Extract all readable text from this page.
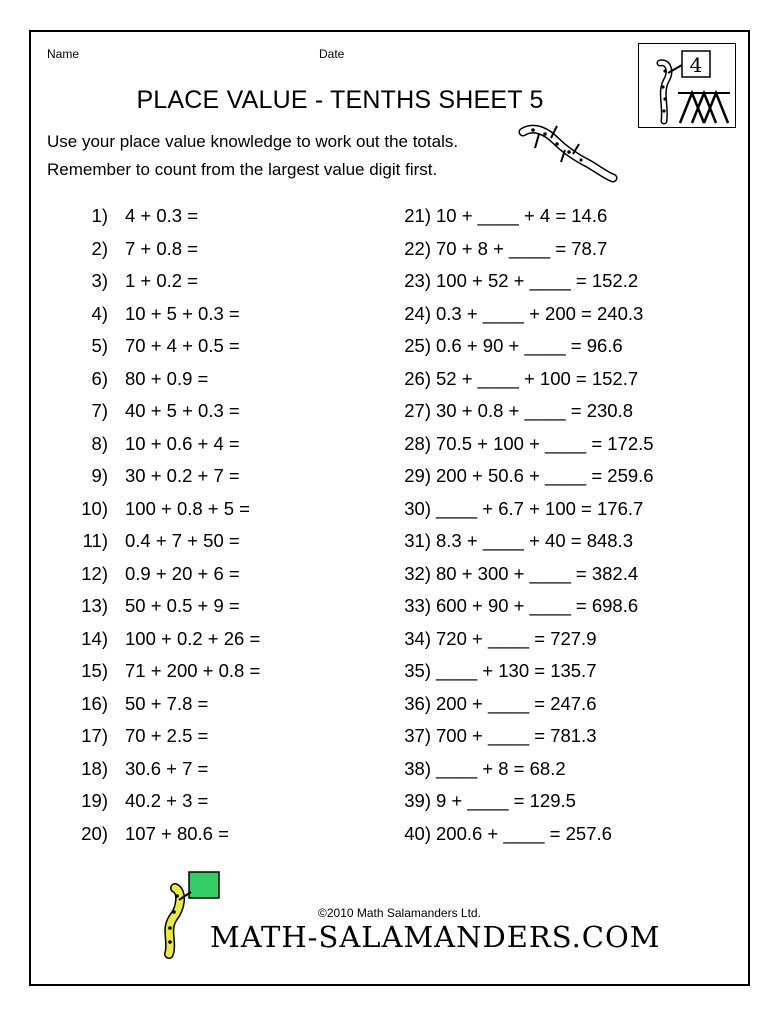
Name	Date
PLACE VALUE - TENTHS SHEET 5
Use your place value knowledge to work out the totals.
Remember to count from the largest value digit first.
4
1) 4 + 0.3 =
2) 7 + 0.8 =
3) 1 + 0.2 =
4) 10 + 5 + 0.3 =
5) 70 + 4 + 0.5 =
6) 80 + 0.9 =
7) 40 + 5 + 0.3 =
8) 10 + 0.6 + 4 =
9) 30 + 0.2 + 7 =
10) 100 + 0.8 + 5 =
11) 0.4 + 7 + 50 =
12) 0.9 + 20 + 6 =
13) 50 + 0.5 + 9 =
14) 100 + 0.2 + 26 =
15) 71 + 200 + 0.8 =
16) 50 + 7.8 =
17) 70 + 2.5 =
18) 30.6 + 7 =
19) 40.2 + 3 =
20) 107 + 80.6 =
21) 10 + ____ + 4 = 14.6
22) 70 + 8 + ____ = 78.7
23) 100 + 52 + ____ = 152.2
24) 0.3 + ____ + 200 = 240.3
25) 0.6 + 90 + ____ = 96.6
26) 52 + ____ + 100 = 152.7
27) 30 + 0.8 + ____ = 230.8
28) 70.5 + 100 + ____ = 172.5
29) 200 + 50.6 + ____ = 259.6
30) ____ + 6.7 + 100 = 176.7
31) 8.3 + ____ + 40 = 848.3
32) 80 + 300 + ____ = 382.4
33) 600 + 90 + ____ = 698.6
34) 720 + ____ = 727.9
35) ____ + 130 = 135.7
36) 200 + ____ = 247.6
37) 700 + ____ = 781.3
38) ____ + 8 = 68.2
39) 9 + ____ = 129.5
40) 200.6 + ____ = 257.6
©2010 Math Salamanders Ltd.
MATH-SALAMANDERS.COM
